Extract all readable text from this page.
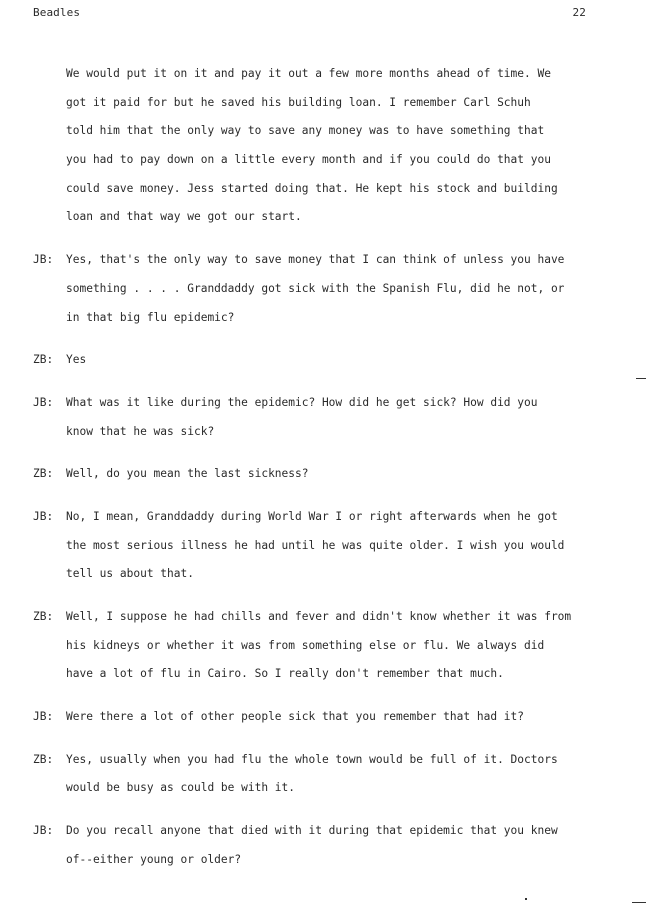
Beadles	22
We would put it on it and pay it out a few more months ahead of time. We
got it paid for but he saved his building loan. I remember Carl Schuh
told him that the only way to save any money was to have something that
you had to pay down on a little every month and if you could do that you
could save money. Jess started doing that. He kept his stock and building
loan and that way we got our start.
JB:	Yes, that's the only way to save money that I can think of unless you have
something . . . . Granddaddy got sick with the Spanish Flu, did he not, or
in that big flu epidemic?
ZB:	Yes
JB:	What was it like during the epidemic? How did he get sick? How did you
know that he was sick?
ZB:	Well, do you mean the last sickness?
JB:	No, I mean, Granddaddy during World War I or right afterwards when he got
the most serious illness he had until he was quite older. I wish you would
tell us about that.
ZB:	Well, I suppose he had chills and fever and didn't know whether it was from
his kidneys or whether it was from something else or flu. We always did
have a lot of flu in Cairo. So I really don't remember that much.
JB:	Were there a lot of other people sick that you remember that had it?
ZB:	Yes, usually when you had flu the whole town would be full of it. Doctors
would be busy as could be with it.
JB:	Do you recall anyone that died with it during that epidemic that you knew
of--either young or older?
